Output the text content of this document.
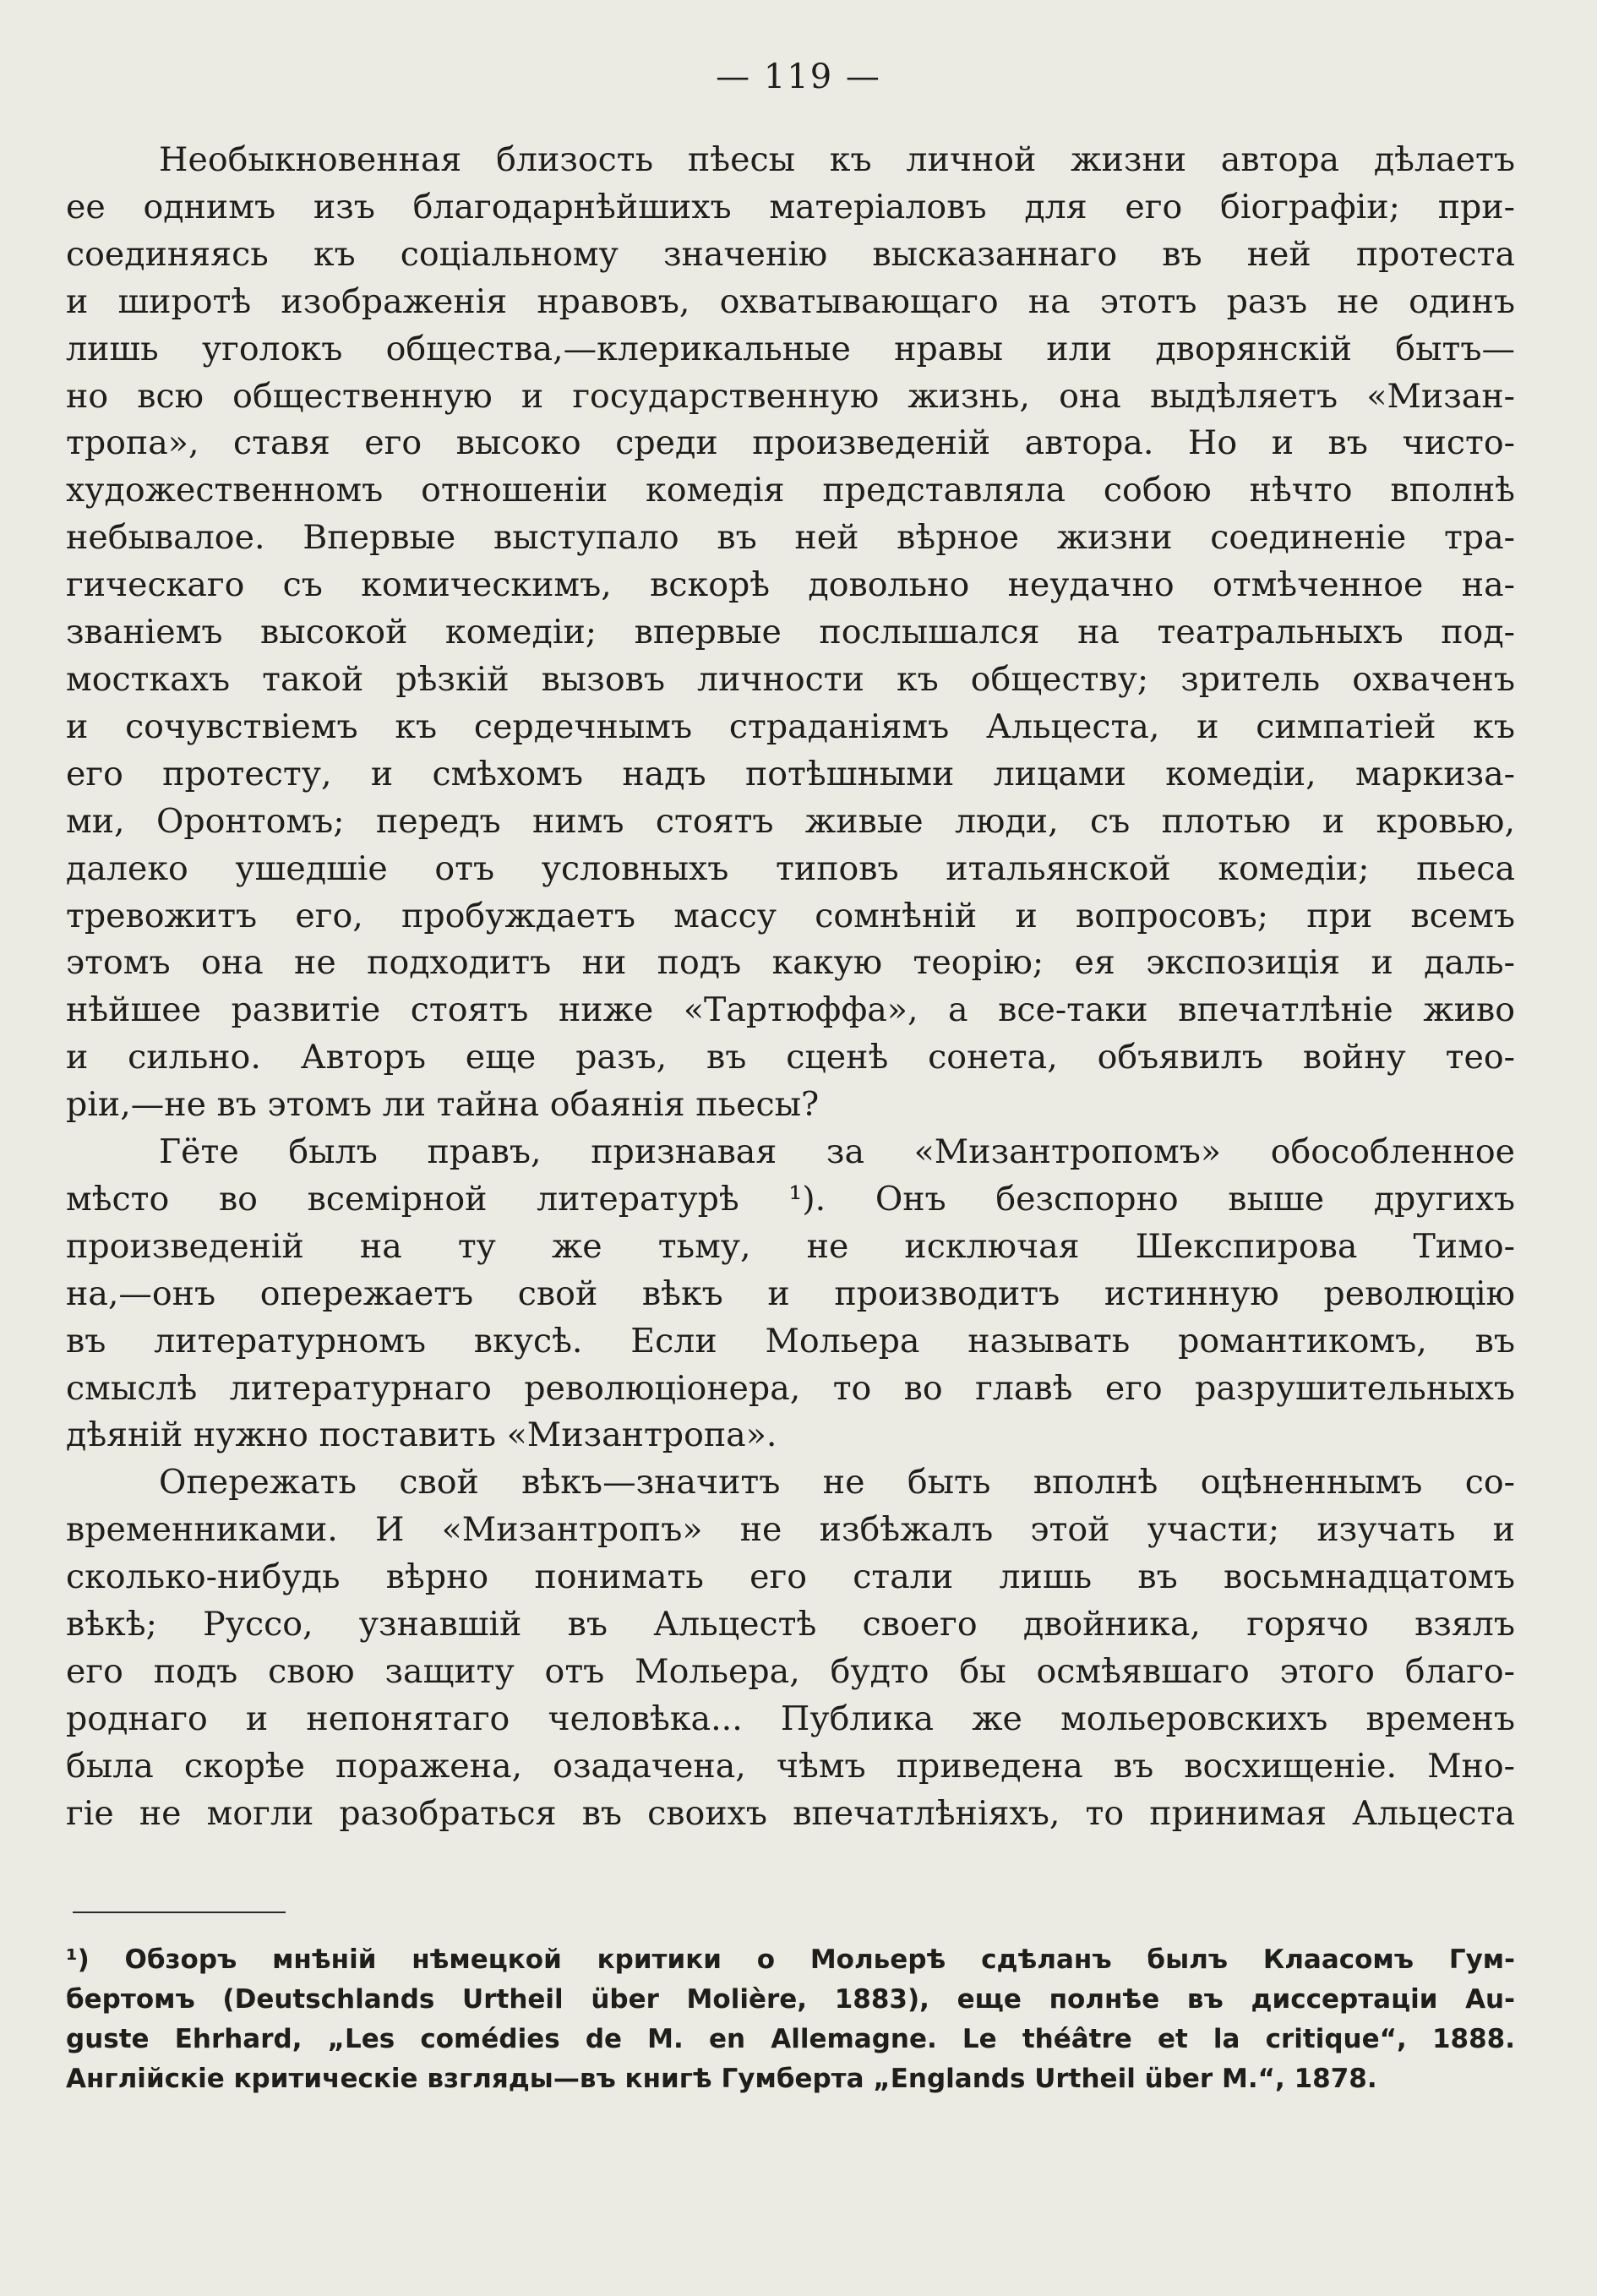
— 119 —
Необыкновенная близость пѣесы къ личной жизни автора дѣлаетъ
ее однимъ изъ благодарнѣйшихъ матеріаловъ для его біографіи; при-
соединяясь къ соціальному значенію высказаннаго въ ней протеста
и широтѣ изображенія нравовъ, охватывающаго на этотъ разъ не одинъ
лишь уголокъ общества,—клерикальные нравы или дворянскій бытъ—
но всю общественную и государственную жизнь, она выдѣляетъ «Мизан-
тропа», ставя его высоко среди произведеній автора. Но и въ чисто-
художественномъ отношеніи комедія представляла собою нѣчто вполнѣ
небывалое. Впервые выступало въ ней вѣрное жизни соединеніе тра-
гическаго съ комическимъ, вскорѣ довольно неудачно отмѣченное на-
званіемъ высокой комедіи; впервые послышался на театральныхъ под-
мосткахъ такой рѣзкій вызовъ личности къ обществу; зритель охваченъ
и сочувствіемъ къ сердечнымъ страданіямъ Альцеста, и симпатіей къ
его протесту, и смѣхомъ надъ потѣшными лицами комедіи, маркиза-
ми, Оронтомъ; передъ нимъ стоятъ живые люди, съ плотью и кровью,
далеко ушедшіе отъ условныхъ типовъ итальянской комедіи; пьеса
тревожитъ его, пробуждаетъ массу сомнѣній и вопросовъ; при всемъ
этомъ она не подходитъ ни подъ какую теорію; ея экспозиція и даль-
нѣйшее развитіе стоятъ ниже «Тартюффа», а все-таки впечатлѣніе живо
и сильно. Авторъ еще разъ, въ сценѣ сонета, объявилъ войну тео-
ріи,—не въ этомъ ли тайна обаянія пьесы?
Гёте былъ правъ, признавая за «Мизантропомъ» обособленное
мѣсто во всемірной литературѣ ¹). Онъ безспорно выше другихъ
произведеній на ту же тьму, не исключая Шекспирова Тимо-
на,—онъ опережаетъ свой вѣкъ и производитъ истинную революцію
въ литературномъ вкусѣ. Если Мольера называть романтикомъ, въ
смыслѣ литературнаго революціонера, то во главѣ его разрушительныхъ
дѣяній нужно поставить «Мизантропа».
Опережать свой вѣкъ—значитъ не быть вполнѣ оцѣненнымъ со-
временниками. И «Мизантропъ» не избѣжалъ этой участи; изучать и
сколько-нибудь вѣрно понимать его стали лишь въ восьмнадцатомъ
вѣкѣ; Руссо, узнавшій въ Альцестѣ своего двойника, горячо взялъ
его подъ свою защиту отъ Мольера, будто бы осмѣявшаго этого благо-
роднаго и непонятаго человѣка... Публика же мольеровскихъ временъ
была скорѣе поражена, озадачена, чѣмъ приведена въ восхищеніе. Мно-
гіе не могли разобраться въ своихъ впечатлѣніяхъ, то принимая Альцеста
¹) Обзоръ мнѣній нѣмецкой критики о Мольерѣ сдѣланъ былъ Клаасомъ Гум-
бертомъ (Deutschlands Urtheil über Molière, 1883), еще полнѣе въ диссертаціи Au-
guste Ehrhard, „Les comédies de M. en Allemagne. Le théâtre et la critique“, 1888.
Англійскіе критическіе взгляды—въ книгѣ Гумберта „Englands Urtheil über M.“, 1878.
